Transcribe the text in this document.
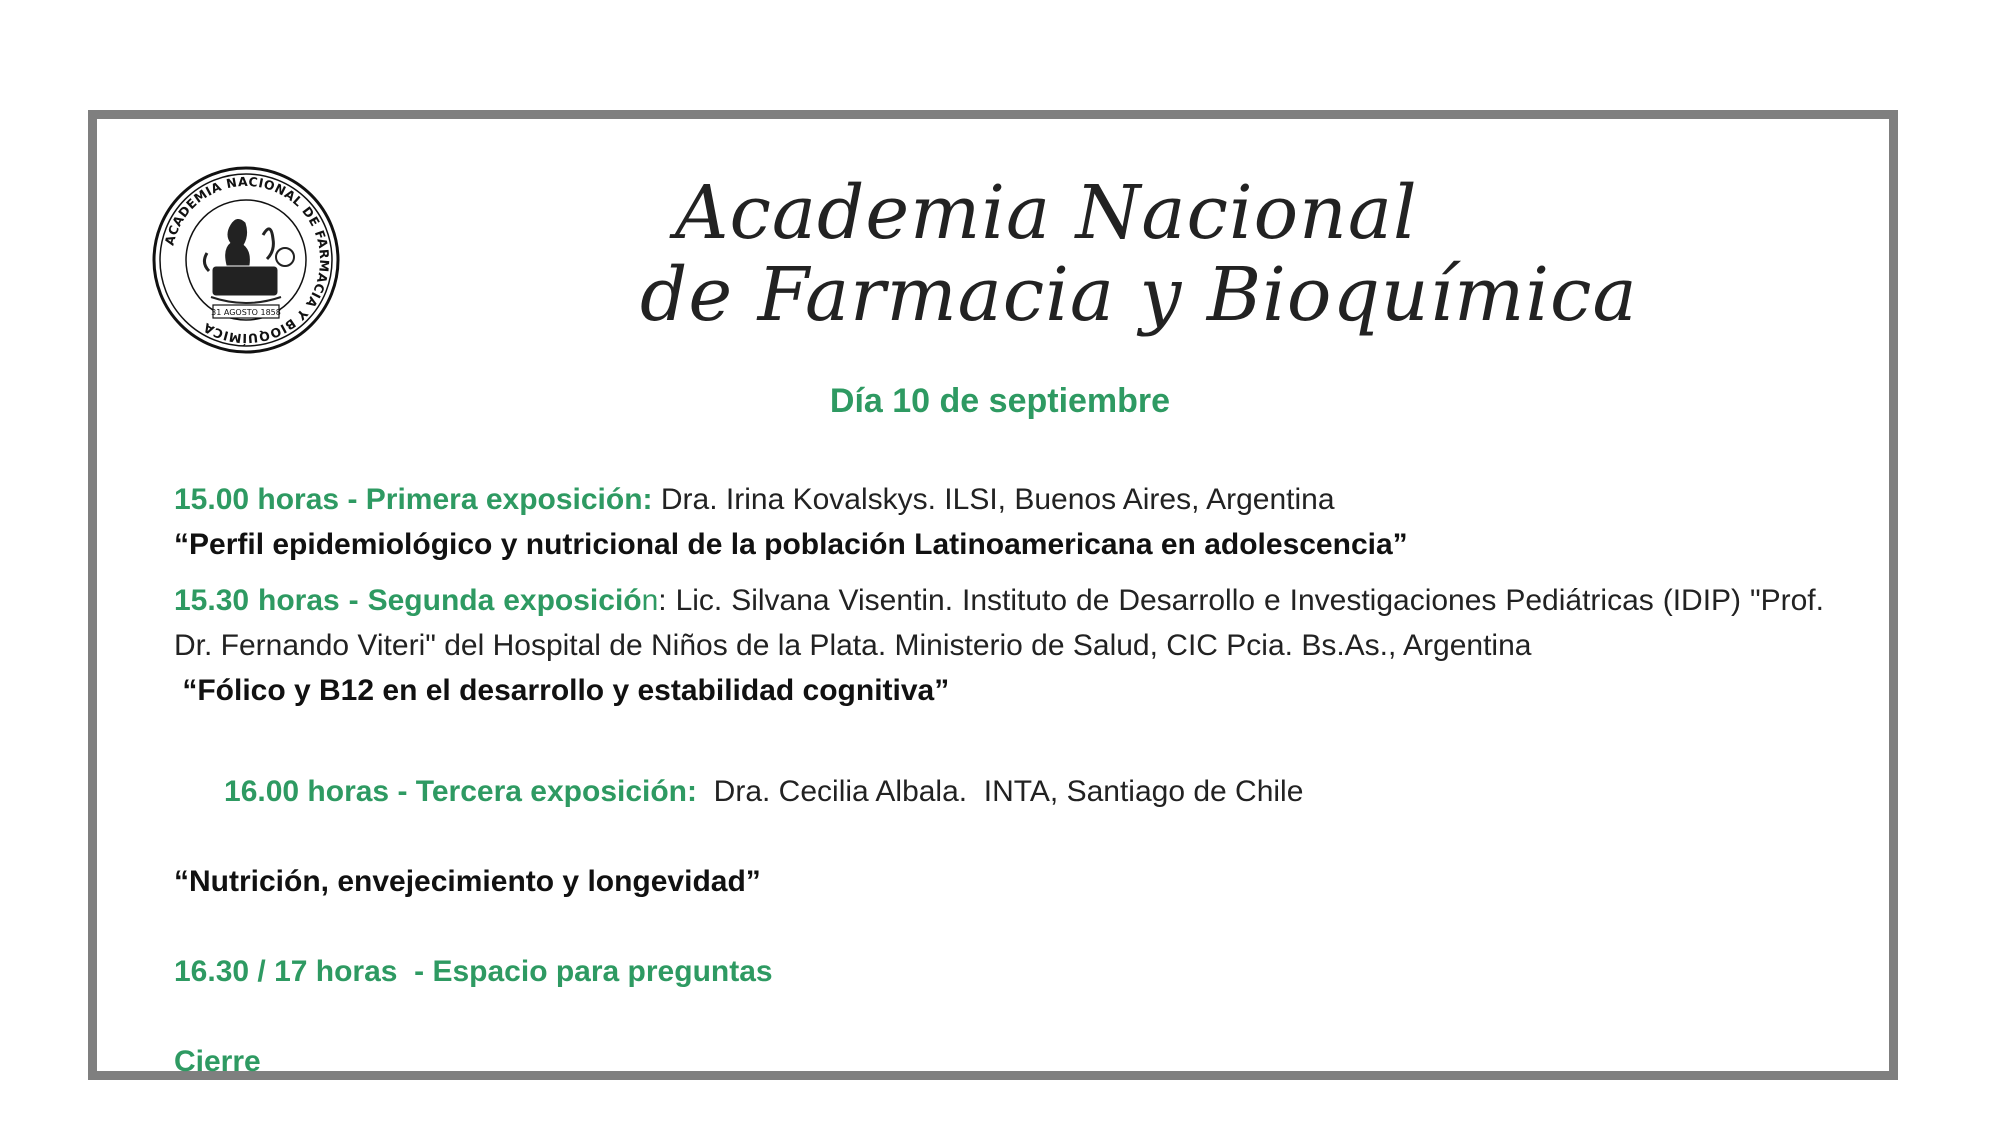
ACADEMIA NACIONAL DE FARMACIA Y BIOQUÍMICA
31 AGOSTO 1858
Academia Nacional
de Farmacia y Bioquímica
Día 10 de septiembre

15.00 horas - Primera exposición: Dra. Irina Kovalskys. ILSI, Buenos Aires, Argentina

“Perfil epidemiológico y nutricional de la población Latinoamericana en adolescencia”

15.30 horas - Segunda exposición: Lic. Silvana Visentin. Instituto de Desarrollo e Investigaciones Pediátricas (IDIP) "Prof. Dr. Fernando Viteri" del Hospital de Niños de la Plata. Ministerio de Salud, CIC Pcia. Bs.As., Argentina

“Fólico y B12 en el desarrollo y estabilidad cognitiva”

16.00 horas - Tercera exposición:  Dra. Cecilia Albala.  INTA, Santiago de Chile

“Nutrición, envejecimiento y longevidad”

16.30 / 17 horas  - Espacio para preguntas

Cierre
